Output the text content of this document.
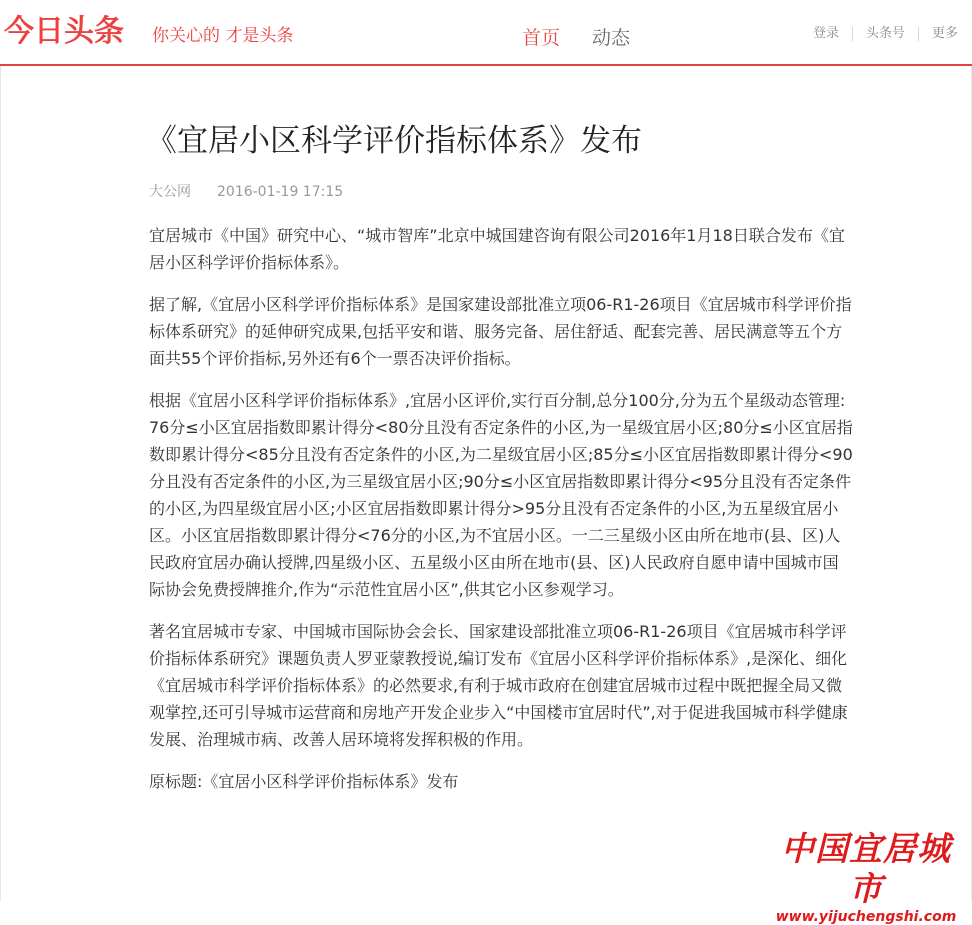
今日头条 你关心的 才是头条	首页 动态	登录 头条号 更多
《宜居小区科学评价指标体系》发布
大公网 2016-01-19 17:15

宜居城市《中国》研究中心、“城市智库”北京中城国建咨询有限公司2016年1月18日联合发布《宜居小区科学评价指标体系》。

据了解,《宜居小区科学评价指标体系》是国家建设部批准立项06-R1-26项目《宜居城市科学评价指标体系研究》的延伸研究成果,包括平安和谐、服务完备、居住舒适、配套完善、居民满意等五个方面共55个评价指标,另外还有6个一票否决评价指标。

根据《宜居小区科学评价指标体系》,宜居小区评价,实行百分制,总分100分,分为五个星级动态管理:76分≤小区宜居指数即累计得分<80分且没有否定条件的小区,为一星级宜居小区;80分≤小区宜居指数即累计得分<85分且没有否定条件的小区,为二星级宜居小区;85分≤小区宜居指数即累计得分<90分且没有否定条件的小区,为三星级宜居小区;90分≤小区宜居指数即累计得分<95分且没有否定条件的小区,为四星级宜居小区;小区宜居指数即累计得分>95分且没有否定条件的小区,为五星级宜居小区。小区宜居指数即累计得分<76分的小区,为不宜居小区。一二三星级小区由所在地市(县、区)人民政府宜居办确认授牌,四星级小区、五星级小区由所在地市(县、区)人民政府自愿申请中国城市国际协会免费授牌推介,作为“示范性宜居小区”,供其它小区参观学习。

著名宜居城市专家、中国城市国际协会会长、国家建设部批准立项06-R1-26项目《宜居城市科学评价指标体系研究》课题负责人罗亚蒙教授说,编订发布《宜居小区科学评价指标体系》,是深化、细化《宜居城市科学评价指标体系》的必然要求,有利于城市政府在创建宜居城市过程中既把握全局又微观掌控,还可引导城市运营商和房地产开发企业步入“中国楼市宜居时代”,对于促进我国城市科学健康发展、治理城市病、改善人居环境将发挥积极的作用。

原标题:《宜居小区科学评价指标体系》发布

中国宜居城市
www.yijuchengshi.com
